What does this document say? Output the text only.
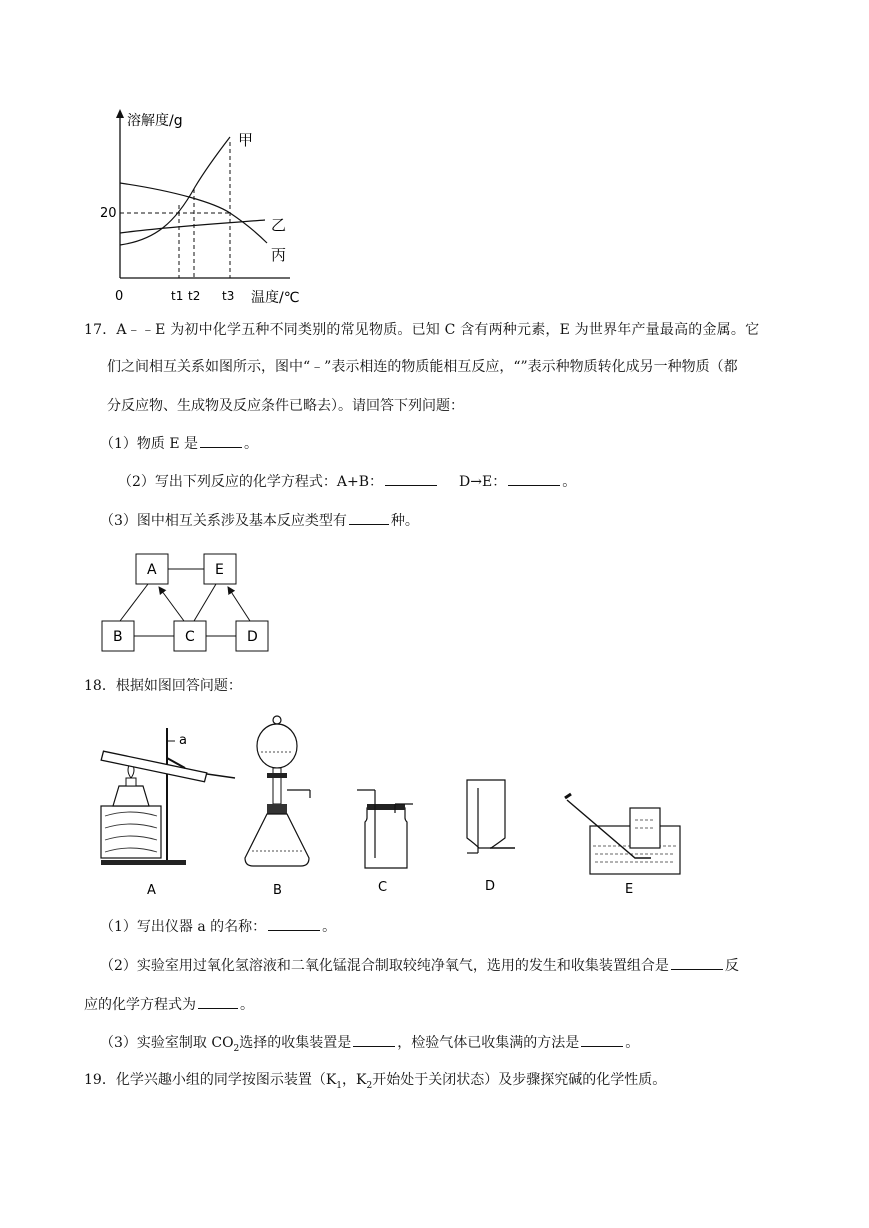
溶解度/g
甲
乙
丙
20
0	t1 t2 t3 温度/℃
17．A﹣﹣E 为初中化学五种不同类别的常见物质。已知 C 含有两种元素，E 为世界年产量最高的金属。它
们之间相互关系如图所示，图中“﹣”表示相连的物质能相互反应，“”表示种物质转化成另一种物质（都
分反应物、生成物及反应条件已略去）。请回答下列问题：
（1）物质 E 是	。
（2）写出下列反应的化学方程式：A+B：	D→E：	。
（3）图中相互关系涉及基本反应类型有	种。
A	E
B	C	D
18．根据如图回答问题：
a
A	B	C	D	E
（1）写出仪器 a 的名称：	。
（2）实验室用过氧化氢溶液和二氧化锰混合制取较纯净氧气，选用的发生和收集装置组合是	反
应的化学方程式为	。
（3）实验室制取 $CO_2$选择的收集装置是	，检验气体已收集满的方法是	。
19．化学兴趣小组的同学按图示装置（$K_1$，$K_2$开始处于关闭状态）及步骤探究碱的化学性质。
